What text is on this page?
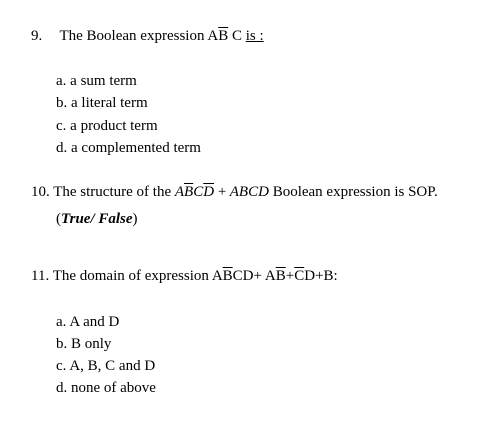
9. The Boolean expression $A\overline{B}$ C is :
a. a sum term
b. a literal term
c. a product term
d. a complemented term
10. The structure of the $A\overline{B}C\overline{D}$ + ABCD Boolean expression is SOP.
(True/ False)
11. The domain of expression $A\overline{B}CD+ A\overline{B}+\overline{C}D+B$:
a. A and D
b. B only
c. A, B, C and D
d. none of above
